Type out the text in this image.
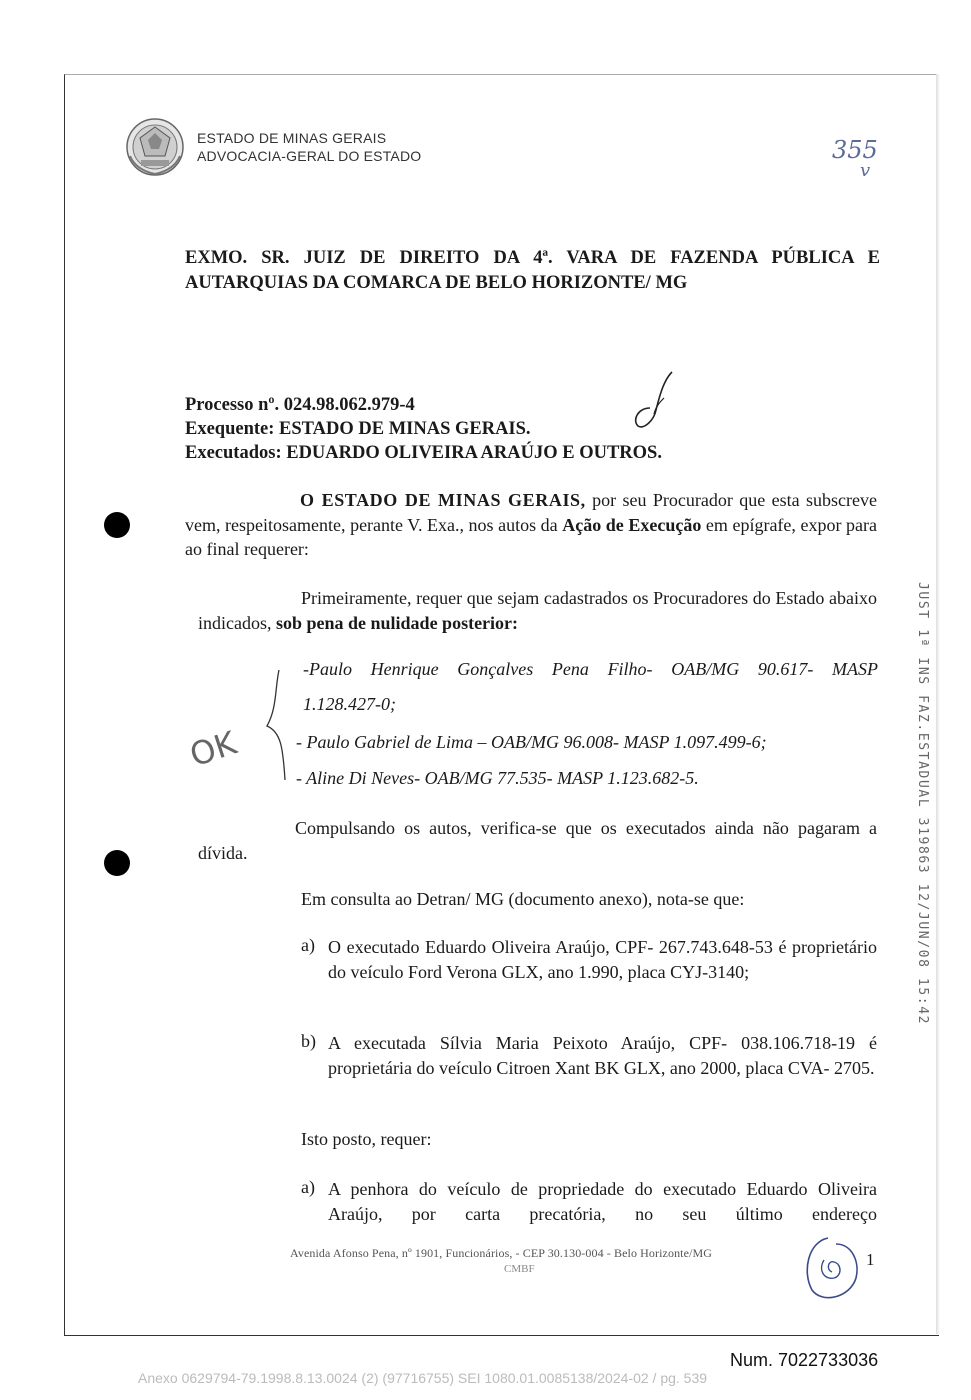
ESTADO DE MINAS GERAIS
ADVOCACIA-GERAL DO ESTADO	355
v
EXMO. SR. JUIZ DE DIREITO DA 4ª. VARA DE FAZENDA PÚBLICA E
AUTARQUIAS DA COMARCA DE BELO HORIZONTE/ MG
Processo nº. 024.98.062.979-4
Exequente: ESTADO DE MINAS GERAIS.
Executados: EDUARDO OLIVEIRA ARAÚJO E OUTROS.
O ESTADO DE MINAS GERAIS, por seu Procurador que esta subscreve vem, respeitosamente, perante V. Exa., nos autos da Ação de Execução em epígrafe, expor para ao final requerer:
Primeiramente, requer que sejam cadastrados os Procuradores do Estado abaixo indicados, sob pena de nulidade posterior:
-Paulo Henrique Gonçalves Pena Filho- OAB/MG 90.617- MASP
1.128.427-0;
- Paulo Gabriel de Lima – OAB/MG 96.008- MASP 1.097.499-6;
- Aline Di Neves- OAB/MG 77.535- MASP 1.123.682-5.
OK
Compulsando os autos, verifica-se que os executados ainda não pagaram a dívida.
Em consulta ao Detran/ MG (documento anexo), nota-se que:
a) O executado Eduardo Oliveira Araújo, CPF- 267.743.648-53 é proprietário do veículo Ford Verona GLX, ano 1.990, placa CYJ-3140;
b) A executada Sílvia Maria Peixoto Araújo, CPF- 038.106.718-19 é proprietária do veículo Citroen Xant BK GLX, ano 2000, placa CVA- 2705.
Isto posto, requer:
a) A penhora do veículo de propriedade do executado Eduardo Oliveira Araújo, por carta precatória, no seu último endereço
Avenida Afonso Pena, nº 1901, Funcionários, - CEP 30.130-004 - Belo Horizonte/MG
CMBF	1
JUST 1ª INS FAZ.ESTADUAL 319863 12/JUN/08 15:42
Num. 7022733036
Anexo 0629794-79.1998.8.13.0024 (2) (97716755) SEI 1080.01.0085138/2024-02 / pg. 539
